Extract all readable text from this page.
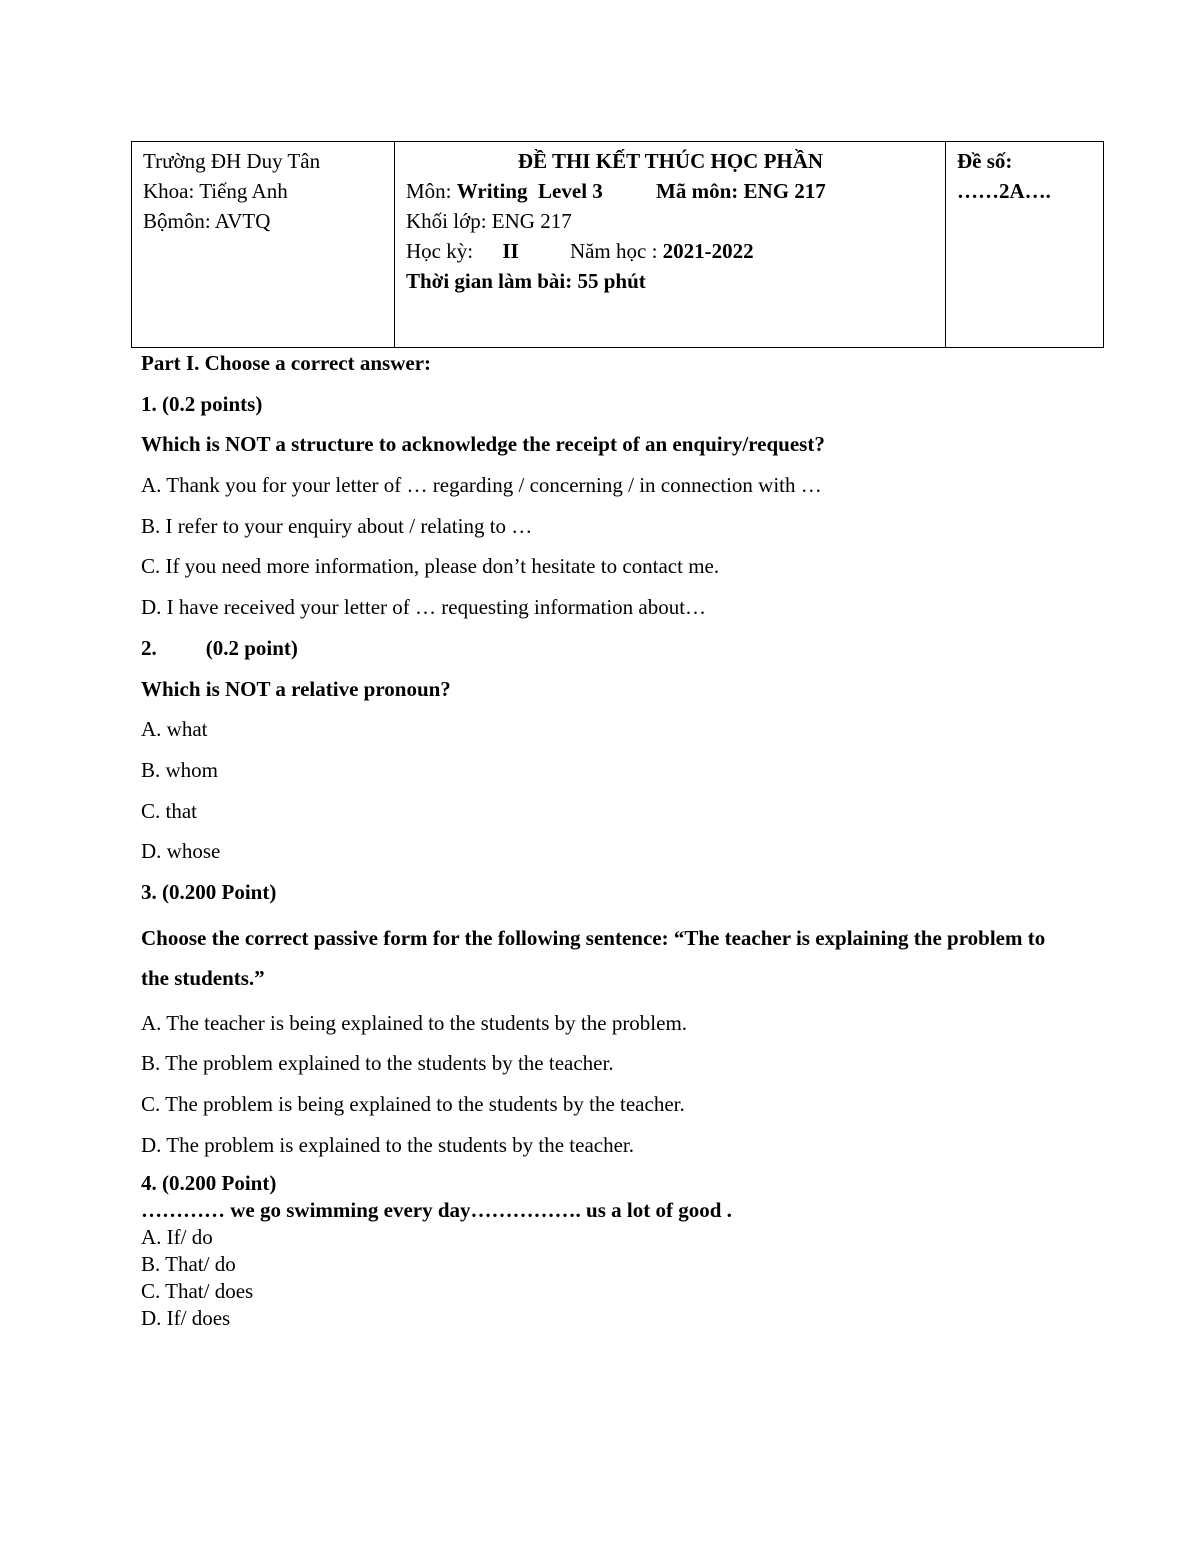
Trường ĐH Duy Tân
Khoa: Tiếng Anh
Bộmôn: AVTQ

ĐỀ THI KẾT THÚC HỌC PHẦN
Môn: Writing  Level 3	Mã môn: ENG 217
Khối lớp: ENG 217
Học kỳ: II Năm học : 2021-2022
Thời gian làm bài: 55 phút

Đề số:
……2A….
Part I. Choose a correct answer:
1. (0.2 points)
Which is NOT a structure to acknowledge the receipt of an enquiry/request?
A. Thank you for your letter of … regarding / concerning / in connection with …
B. I refer to your enquiry about / relating to …
C. If you need more information, please don’t hesitate to contact me.
D. I have received your letter of … requesting information about…
2. (0.2 point)
Which is NOT a relative pronoun?
A. what
B. whom
C. that
D. whose
3. (0.200 Point)
Choose the correct passive form for the following sentence: “The teacher is explaining the problem to the students.”
A. The teacher is being explained to the students by the problem.
B. The problem explained to the students by the teacher.
C. The problem is being explained to the students by the teacher.
D. The problem is explained to the students by the teacher.
4. (0.200 Point)
………… we go swimming every day……………. us a lot of good .
A. If/ do
B. That/ do
C. That/ does
D. If/ does
